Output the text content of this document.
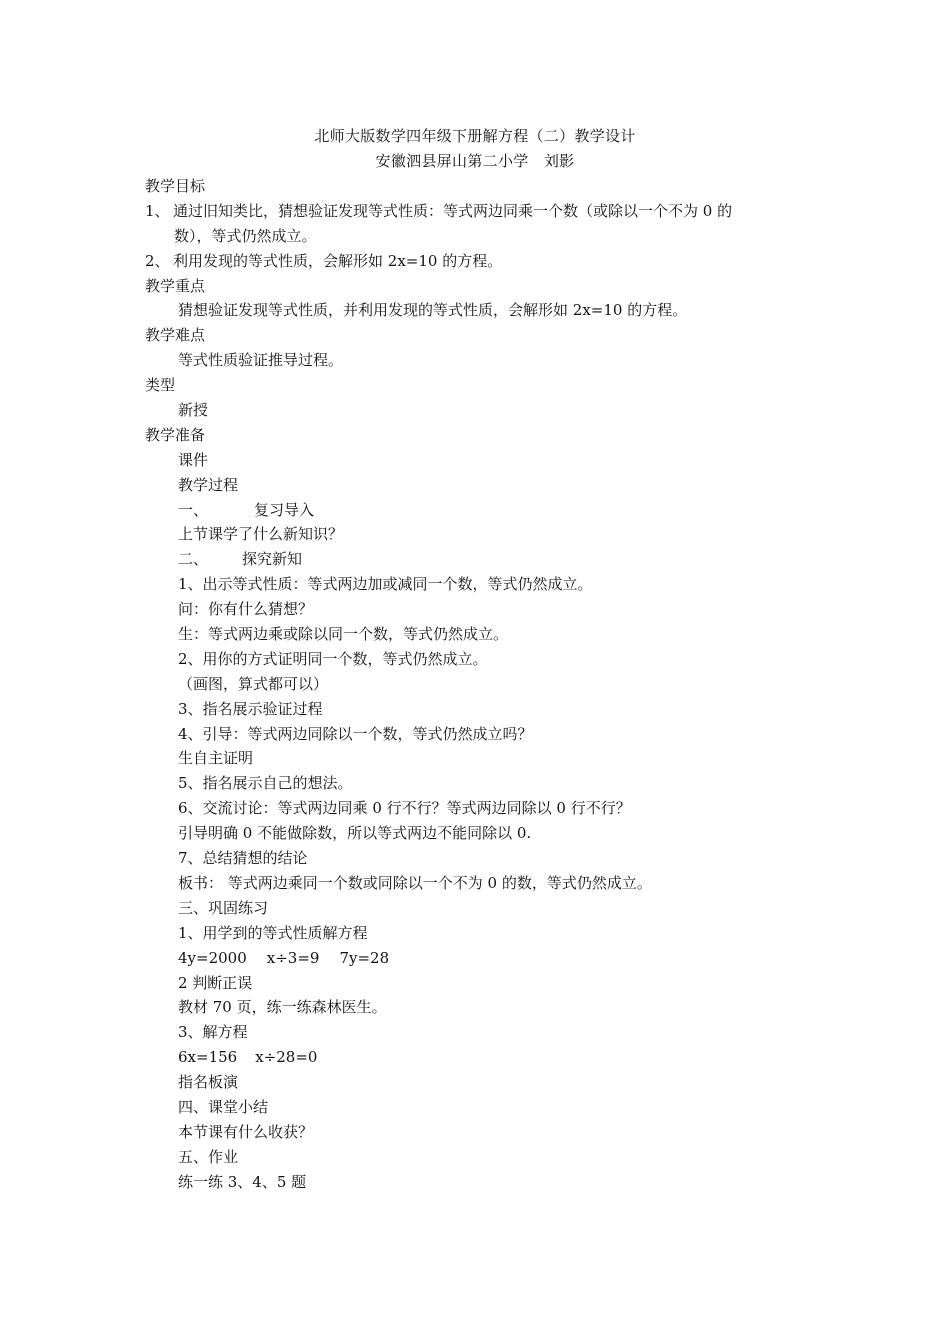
北师大版数学四年级下册解方程（二）教学设计
安徽泗县屏山第二小学　刘影
教学目标
1、 通过旧知类比，猜想验证发现等式性质：等式两边同乘一个数（或除以一个不为 0 的
数），等式仍然成立。
2、 利用发现的等式性质，会解形如 2x=10 的方程。
教学重点
猜想验证发现等式性质，并利用发现的等式性质，会解形如 2x=10 的方程。
教学难点
等式性质验证推导过程。
类型
新授
教学准备
课件
教学过程
一、	复习导入
上节课学了什么新知识？
二、 探究新知
1、出示等式性质：等式两边加或减同一个数，等式仍然成立。
问：你有什么猜想？
生：等式两边乘或除以同一个数，等式仍然成立。
2、用你的方式证明同一个数，等式仍然成立。
（画图，算式都可以）
3、指名展示验证过程
4、引导：等式两边同除以一个数，等式仍然成立吗？
生自主证明
5、指名展示自己的想法。
6、交流讨论：等式两边同乘 0 行不行？等式两边同除以 0 行不行？
引导明确 0 不能做除数，所以等式两边不能同除以 0.
7、总结猜想的结论
板书： 等式两边乘同一个数或同除以一个不为 0 的数，等式仍然成立。
三、巩固练习
1、用学到的等式性质解方程
4y=2000 x÷3=9 7y=28
2 判断正误
教材 70 页，练一练森林医生。
3、解方程
6x=156 x÷28=0
指名板演
四、课堂小结
本节课有什么收获？
五、作业
练一练 3、4、5 题
